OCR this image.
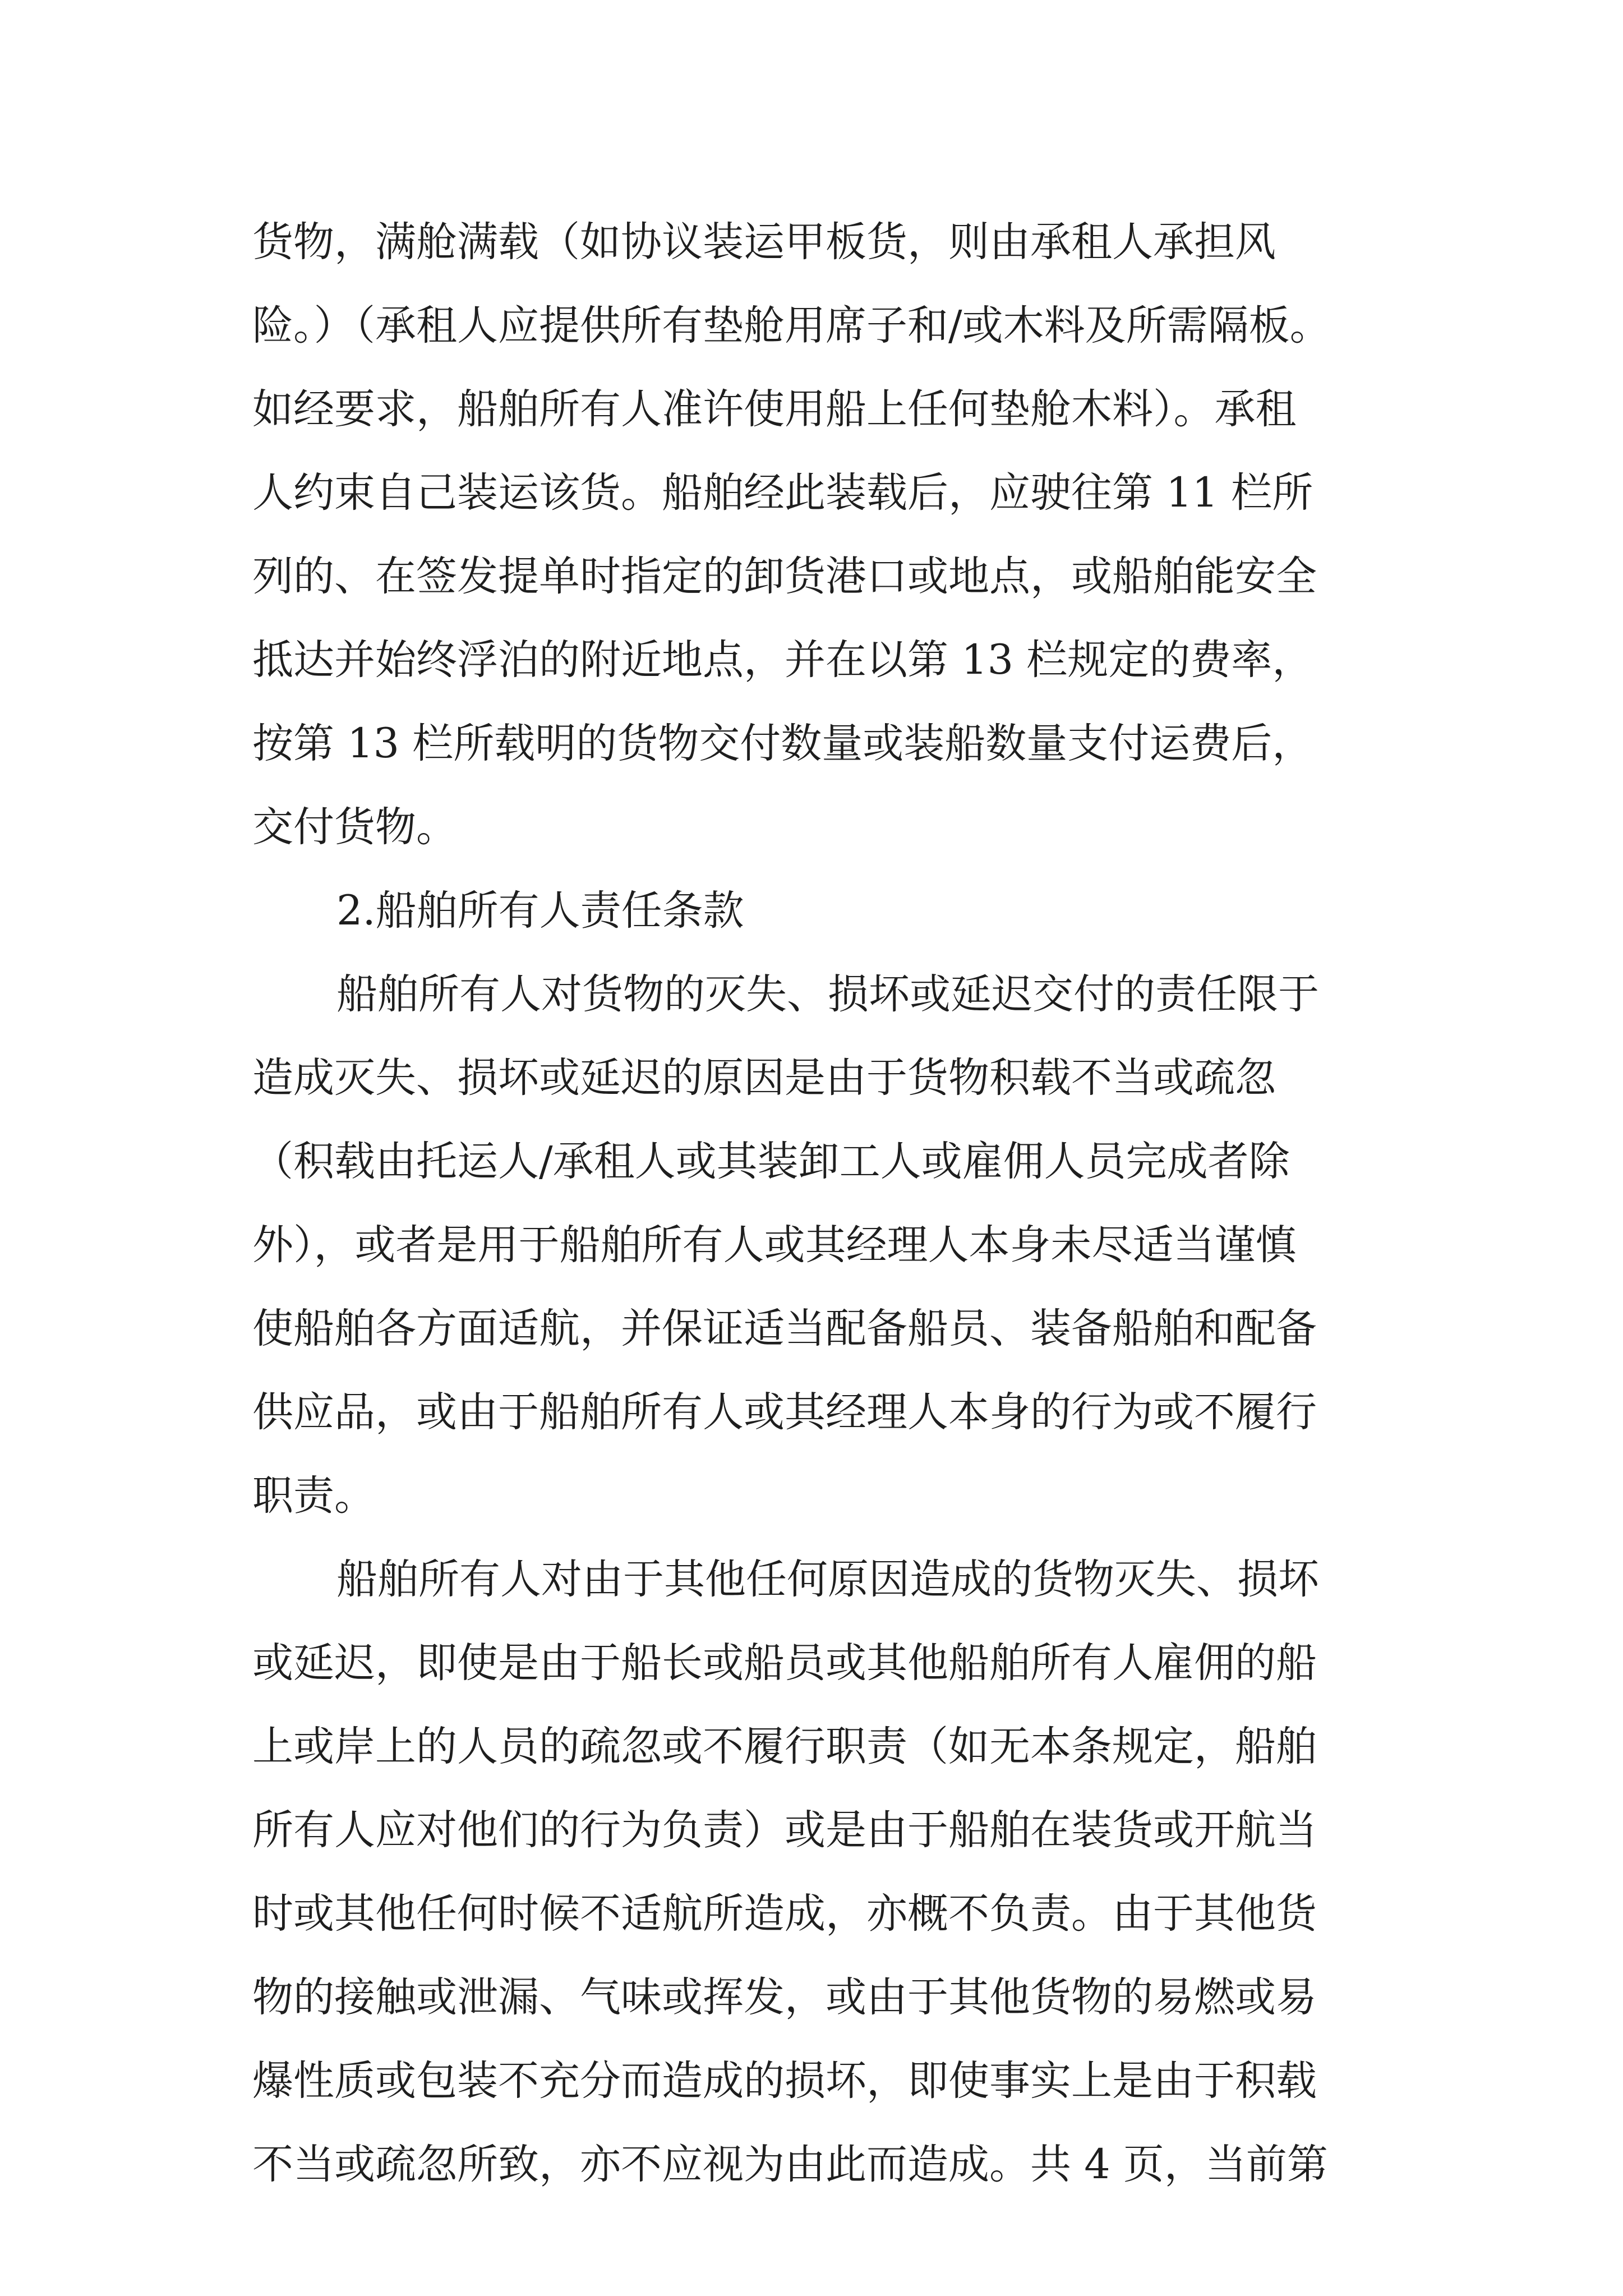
货物，满舱满载（如协议装运甲板货，则由承租人承担风
险。）（承租人应提供所有垫舱用席子和/或木料及所需隔板。
如经要求，船舶所有人准许使用船上任何垫舱木料）。承租
人约束自己装运该货。船舶经此装载后，应驶往第 11 栏所
列的、在签发提单时指定的卸货港口或地点，或船舶能安全
抵达并始终浮泊的附近地点，并在以第 13 栏规定的费率，
按第 13 栏所载明的货物交付数量或装船数量支付运费后，
交付货物。
2.船舶所有人责任条款
船舶所有人对货物的灭失、损坏或延迟交付的责任限于
造成灭失、损坏或延迟的原因是由于货物积载不当或疏忽
（积载由托运人/承租人或其装卸工人或雇佣人员完成者除
外），或者是用于船舶所有人或其经理人本身未尽适当谨慎
使船舶各方面适航，并保证适当配备船员、装备船舶和配备
供应品，或由于船舶所有人或其经理人本身的行为或不履行
职责。
船舶所有人对由于其他任何原因造成的货物灭失、损坏
或延迟，即使是由于船长或船员或其他船舶所有人雇佣的船
上或岸上的人员的疏忽或不履行职责（如无本条规定，船舶
所有人应对他们的行为负责）或是由于船舶在装货或开航当
时或其他任何时候不适航所造成，亦概不负责。由于其他货
物的接触或泄漏、气味或挥发，或由于其他货物的易燃或易
爆性质或包装不充分而造成的损坏，即使事实上是由于积载
不当或疏忽所致，亦不应视为由此而造成。共 4 页，当前第
